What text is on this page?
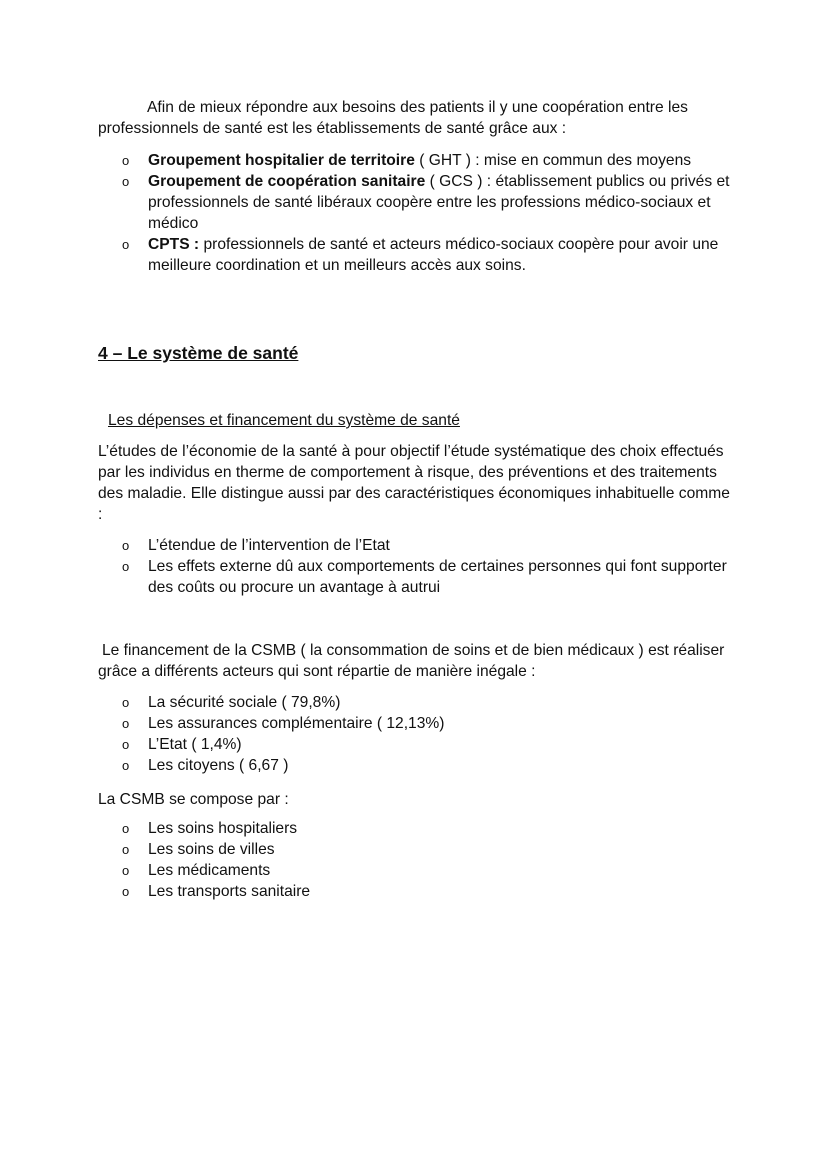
Afin de mieux répondre aux besoins des patients il y une coopération entre les professionnels de santé est les établissements de santé grâce aux :

o Groupement hospitalier de territoire ( GHT ) : mise en commun des moyens
o Groupement de coopération sanitaire ( GCS ) : établissement publics ou privés et professionnels de santé libéraux coopère entre les professions médico-sociaux et médico
o CPTS : professionnels de santé et acteurs médico-sociaux coopère pour avoir une meilleure coordination et un meilleurs accès aux soins.
4 – Le système de santé
Les dépenses et financement du système de santé

L’études de l’économie de la santé à pour objectif l’étude systématique des choix effectués par les individus en therme de comportement à risque, des préventions et des traitements des maladie. Elle distingue aussi par des caractéristiques économiques inhabituelle comme :

o L’étendue de l’intervention de l’Etat
o Les effets externe dû aux comportements de certaines personnes qui font supporter des coûts ou procure un avantage à autrui

Le financement de la CSMB ( la consommation de soins et de bien médicaux ) est réaliser grâce a différents acteurs qui sont répartie de manière inégale :

o La sécurité sociale ( 79,8%)
o Les assurances complémentaire ( 12,13%)
o L’Etat ( 1,4%)
o Les citoyens ( 6,67 )

La CSMB se compose par :

o Les soins hospitaliers
o Les soins de villes
o Les médicaments
o Les transports sanitaire
